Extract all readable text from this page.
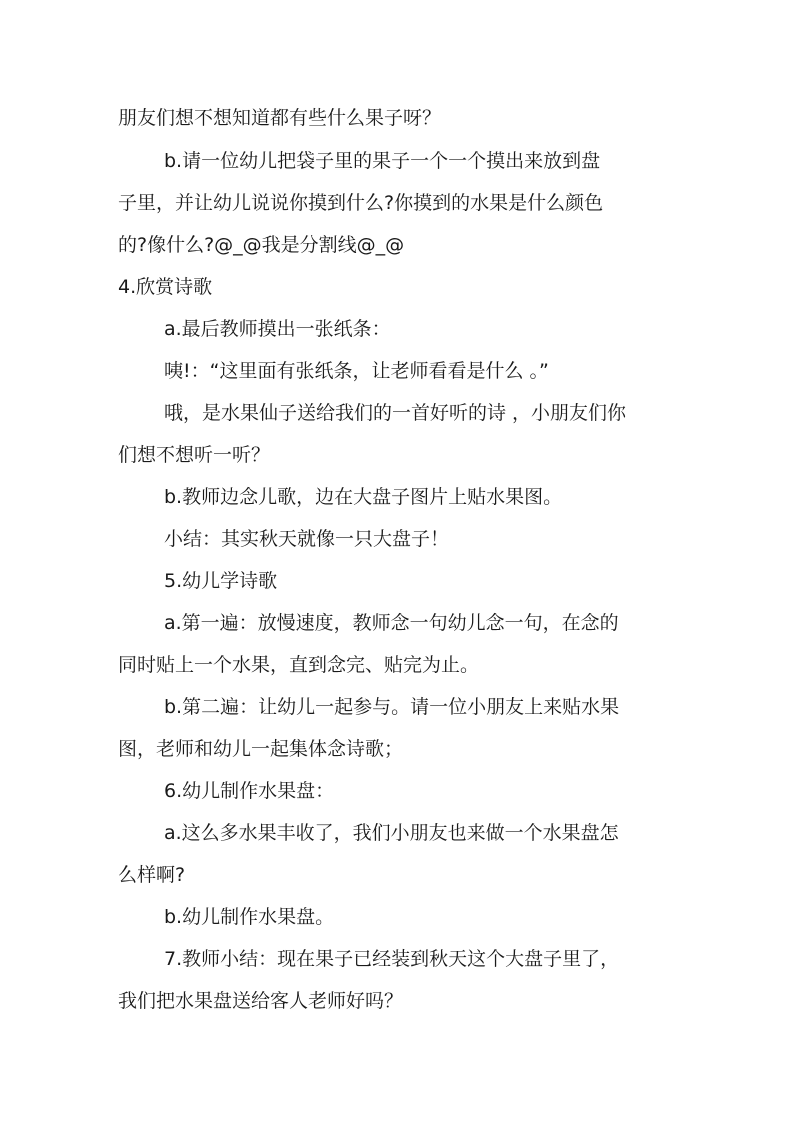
朋友们想不想知道都有些什么果子呀？

b.请一位幼儿把袋子里的果子一个一个摸出来放到盘

子里，并让幼儿说说你摸到什么?你摸到的水果是什么颜色

的?像什么?@_@我是分割线@_@

4.欣赏诗歌

a.最后教师摸出一张纸条：

咦!：“这里面有张纸条，让老师看看是什么 。”

哦，是水果仙子送给我们的一首好听的诗 ，小朋友们你

们想不想听一听？

b.教师边念儿歌，边在大盘子图片上贴水果图。

小结：其实秋天就像一只大盘子！

5.幼儿学诗歌

a.第一遍：放慢速度，教师念一句幼儿念一句，在念的

同时贴上一个水果，直到念完、贴完为止。

b.第二遍：让幼儿一起参与。请一位小朋友上来贴水果

图，老师和幼儿一起集体念诗歌；

6.幼儿制作水果盘：

a.这么多水果丰收了，我们小朋友也来做一个水果盘怎

么样啊?

b.幼儿制作水果盘。

7.教师小结：现在果子已经装到秋天这个大盘子里了，

我们把水果盘送给客人老师好吗？
